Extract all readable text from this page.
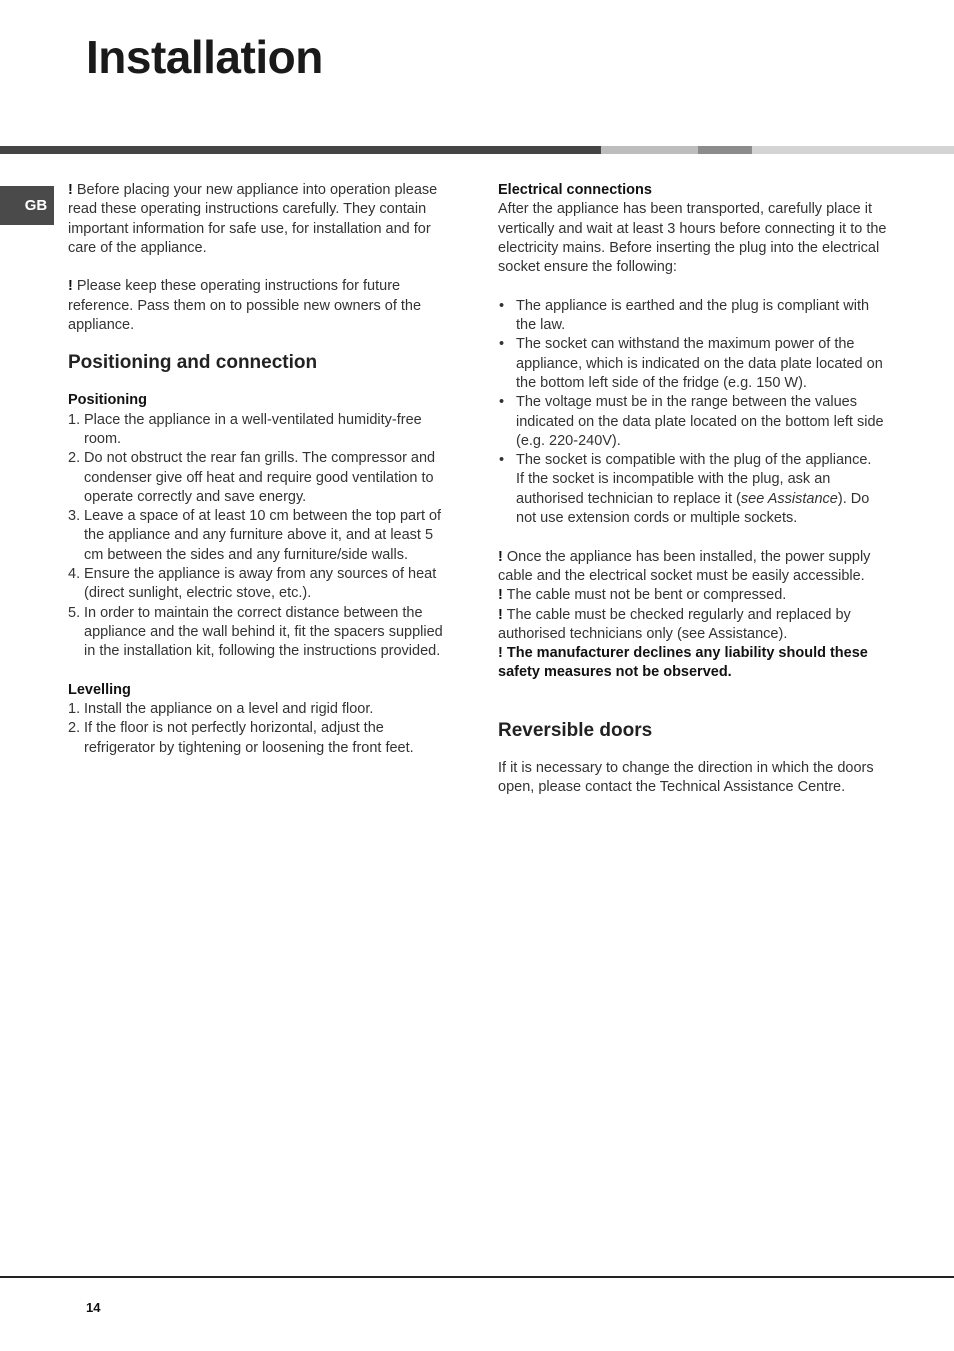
Installation
GB

! Before placing your new appliance into operation please read these operating instructions carefully. They contain important information for safe use, for installation and for care of the appliance.

! Please keep these operating instructions for future reference. Pass them on to possible new owners of the appliance.

Positioning and connection
Positioning
1. Place the appliance in a well-ventilated humidity-free room.
2. Do not obstruct the rear fan grills. The compressor and condenser give off heat and require good ventilation to operate correctly and save energy.
3. Leave a space of at least 10 cm between the top part of the appliance and any furniture above it, and at least 5 cm between the sides and any furniture/side walls.
4. Ensure the appliance is away from any sources of heat (direct sunlight, electric stove, etc.).
5. In order to maintain the correct distance between the appliance and the wall behind it, fit the spacers supplied in the installation kit, following the instructions provided.
Levelling
1. Install the appliance on a level and rigid floor.
2. If the floor is not perfectly horizontal, adjust the refrigerator by tightening or loosening the front feet.
Electrical connections

After the appliance has been transported, carefully place it vertically and wait at least 3 hours before connecting it to the electricity mains. Before inserting the plug into the electrical socket ensure the following:

• The appliance is earthed and the plug is compliant with the law.
• The socket can withstand the maximum power of the appliance, which is indicated on the data plate located on the bottom left side of the fridge (e.g. 150 W).
• The voltage must be in the range between the values indicated on the data plate located on the bottom left side (e.g. 220-240V).
• The socket is compatible with the plug of the appliance.
If the socket is incompatible with the plug, ask an authorised technician to replace it (see Assistance). Do not use extension cords or multiple sockets.

! Once the appliance has been installed, the power supply cable and the electrical socket must be easily accessible.

! The cable must not be bent or compressed.

! The cable must be checked regularly and replaced by authorised technicians only (see Assistance).

! The manufacturer declines any liability should these safety measures not be observed.

Reversible doors

If it is necessary to change the direction in which the doors open, please contact the Technical Assistance Centre.

14
